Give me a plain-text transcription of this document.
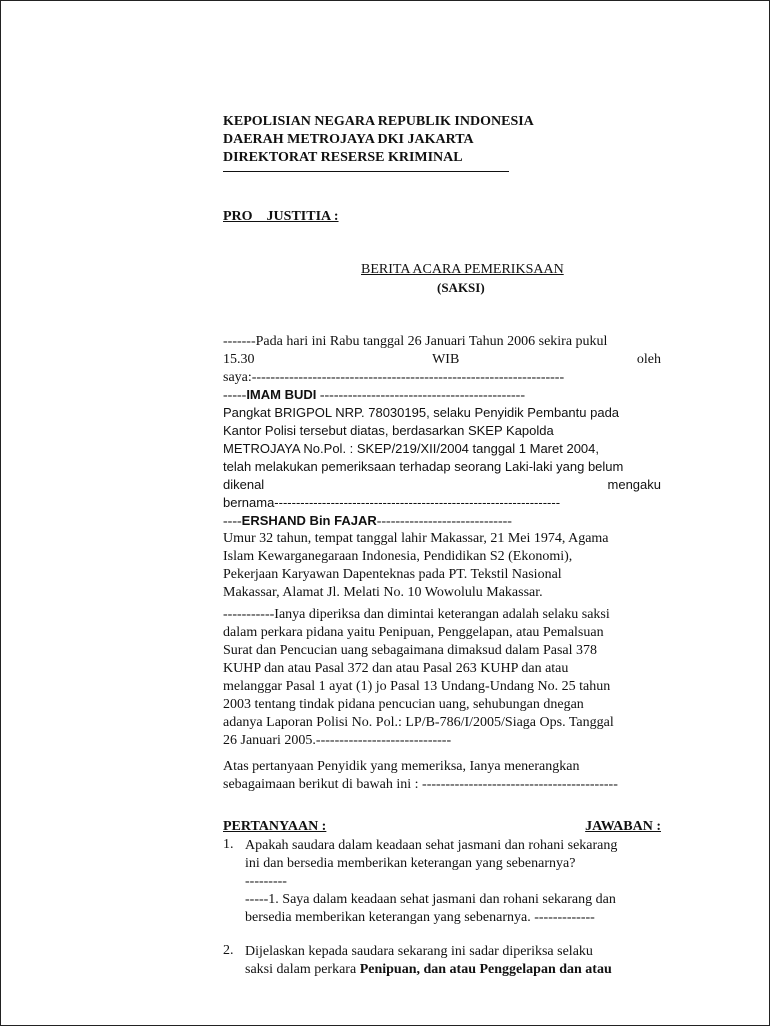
KEPOLISIAN NEGARA REPUBLIK INDONESIA
DAERAH METROJAYA DKI JAKARTA
DIREKTORAT RESERSE KRIMINAL
PRO    JUSTITIA :
BERITA ACARA PEMERIKSAAN
(SAKSI)
-------Pada hari ini Rabu tanggal 26 Januari Tahun 2006 sekira pukul
15.30	WIB	oleh
saya:-------------------------------------------------------------------
-----IMAM BUDI --------------------------------------------
Pangkat BRIGPOL NRP. 78030195, selaku Penyidik Pembantu pada
Kantor Polisi tersebut diatas, berdasarkan SKEP Kapolda
METROJAYA No.Pol. : SKEP/219/XII/2004 tanggal 1 Maret 2004,
telah melakukan pemeriksaan terhadap seorang Laki-laki yang belum
dikenal	mengaku
bernama------------------------------------------------------------------
----ERSHAND Bin FAJAR-----------------------------
Umur 32 tahun, tempat tanggal lahir Makassar, 21 Mei 1974, Agama
Islam Kewarganegaraan Indonesia, Pendidikan S2 (Ekonomi),
Pekerjaan Karyawan Dapenteknas pada PT. Tekstil Nasional
Makassar, Alamat Jl. Melati No. 10 Wowolulu Makassar.
-----------Ianya diperiksa dan dimintai keterangan adalah selaku saksi
dalam perkara pidana yaitu Penipuan, Penggelapan, atau Pemalsuan
Surat dan Pencucian uang sebagaimana dimaksud dalam Pasal 378
KUHP dan atau Pasal 372 dan atau Pasal 263 KUHP dan atau
melanggar Pasal 1 ayat (1) jo Pasal 13 Undang-Undang No. 25 tahun
2003 tentang tindak pidana pencucian uang, sehubungan dnegan
adanya Laporan Polisi No. Pol.: LP/B-786/I/2005/Siaga Ops. Tanggal
26 Januari 2005.-----------------------------
Atas pertanyaan Penyidik yang memeriksa, Ianya menerangkan
sebagaimaan berikut di bawah ini : ------------------------------------------
PERTANYAAN :	JAWABAN :
1. Apakah saudara dalam keadaan sehat jasmani dan rohani sekarang
ini dan bersedia memberikan keterangan yang sebenarnya?
---------
-----1. Saya dalam keadaan sehat jasmani dan rohani sekarang dan
bersedia memberikan keterangan yang sebenarnya. -------------
2. Dijelaskan kepada saudara sekarang ini sadar diperiksa selaku
saksi dalam perkara Penipuan, dan atau Penggelapan dan atau
